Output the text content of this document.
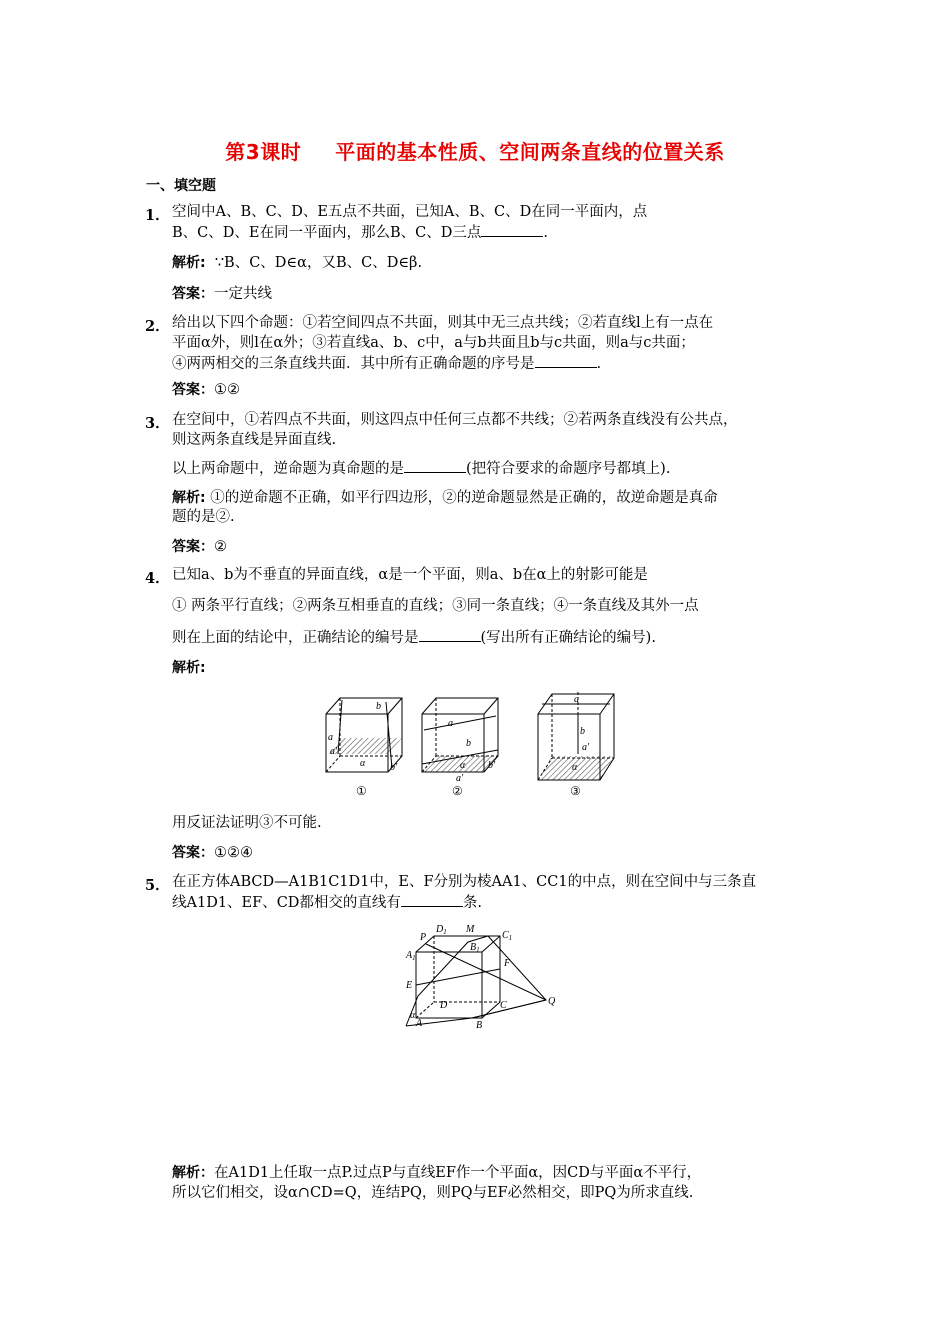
第3课时 平面的基本性质、空间两条直线的位置关系
一、填空题
1． 空间中A、B、C、D、E五点不共面，已知A、B、C、D在同一平面内，点
B、C、D、E在同一平面内，那么B、C、D三点	.
解析: ∵B、C、D∈α，又B、C、D∈β.
答案：一定共线
2． 给出以下四个命题：①若空间四点不共面，则其中无三点共线；②若直线l上有一点在
平面α外，则l在α外；③若直线a、b、c中，a与b共面且b与c共面，则a与c共面；
④两两相交的三条直线共面．其中所有正确命题的序号是	.
答案：①②
3． 在空间中，①若四点不共面，则这四点中任何三点都不共线；②若两条直线没有公共点，
则这两条直线是异面直线.
以上两命题中，逆命题为真命题的是	(把符合要求的命题序号都填上).
解析: ①的逆命题不正确，如平行四边形，②的逆命题显然是正确的，故逆命题是真命
题的是②.
答案：②
4． 已知a、b为不垂直的异面直线，α是一个平面，则a、b在α上的射影可能是
① 两条平行直线；②两条互相垂直的直线；③同一条直线；④一条直线及其外一点
则在上面的结论中，正确结论的编号是	(写出所有正确结论的编号).
解析:
b
a
a′
α b′
①
a
b
α b′
a′
②
a
b
a′
α
③
用反证法证明③不可能.
答案：①②④
5． 在正方体ABCD—A1B1C1D1中，E、F分别为棱AA1、CC1的中点，则在空间中与三条直
线A1D1、EF、CD都相交的直线有	条.
P
$D_1$ M
$C_1$
$A_1$
$B_1$
F
E
D	C	Q
α
A	B
解析：在A1D1上任取一点P.过点P与直线EF作一个平面α，因CD与平面α不平行，
所以它们相交，设α∩CD=Q，连结PQ，则PQ与EF必然相交，即PQ为所求直线.
